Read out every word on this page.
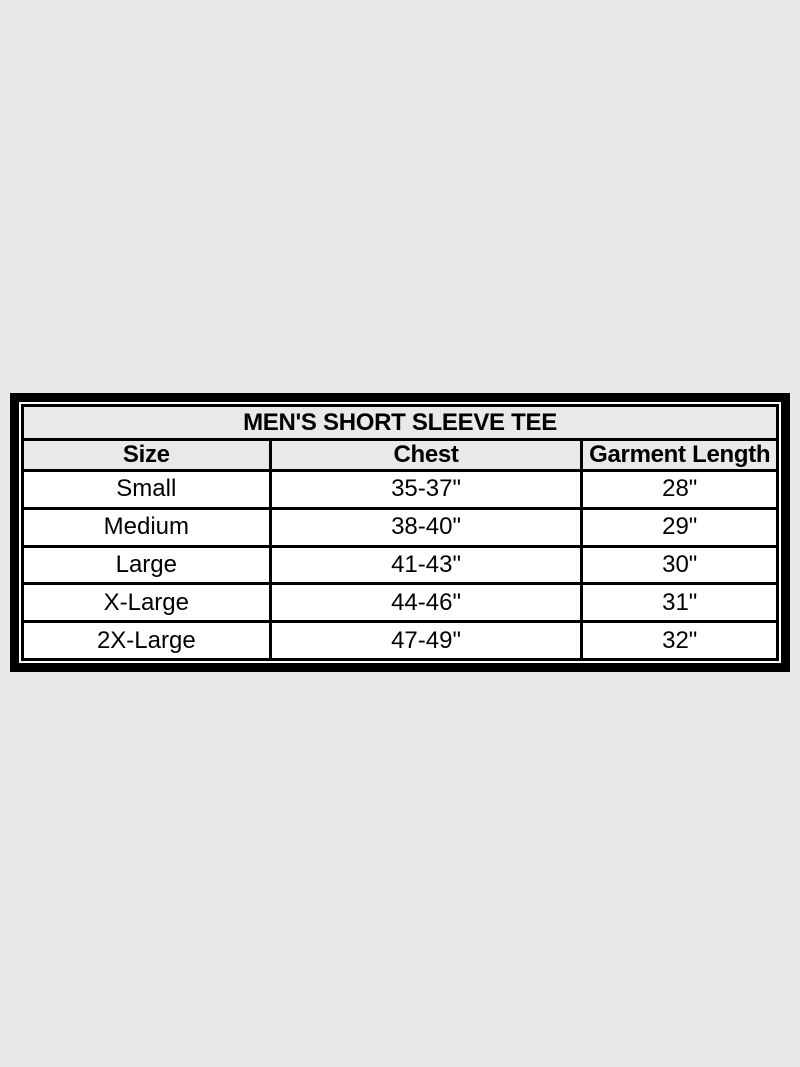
MEN'S SHORT SLEEVE TEE		
Size	Chest	Garment Length
Small	35-37"	28"
Medium	38-40"	29"
Large	41-43"	30"
X-Large	44-46"	31"
2X-Large	47-49"	32"
